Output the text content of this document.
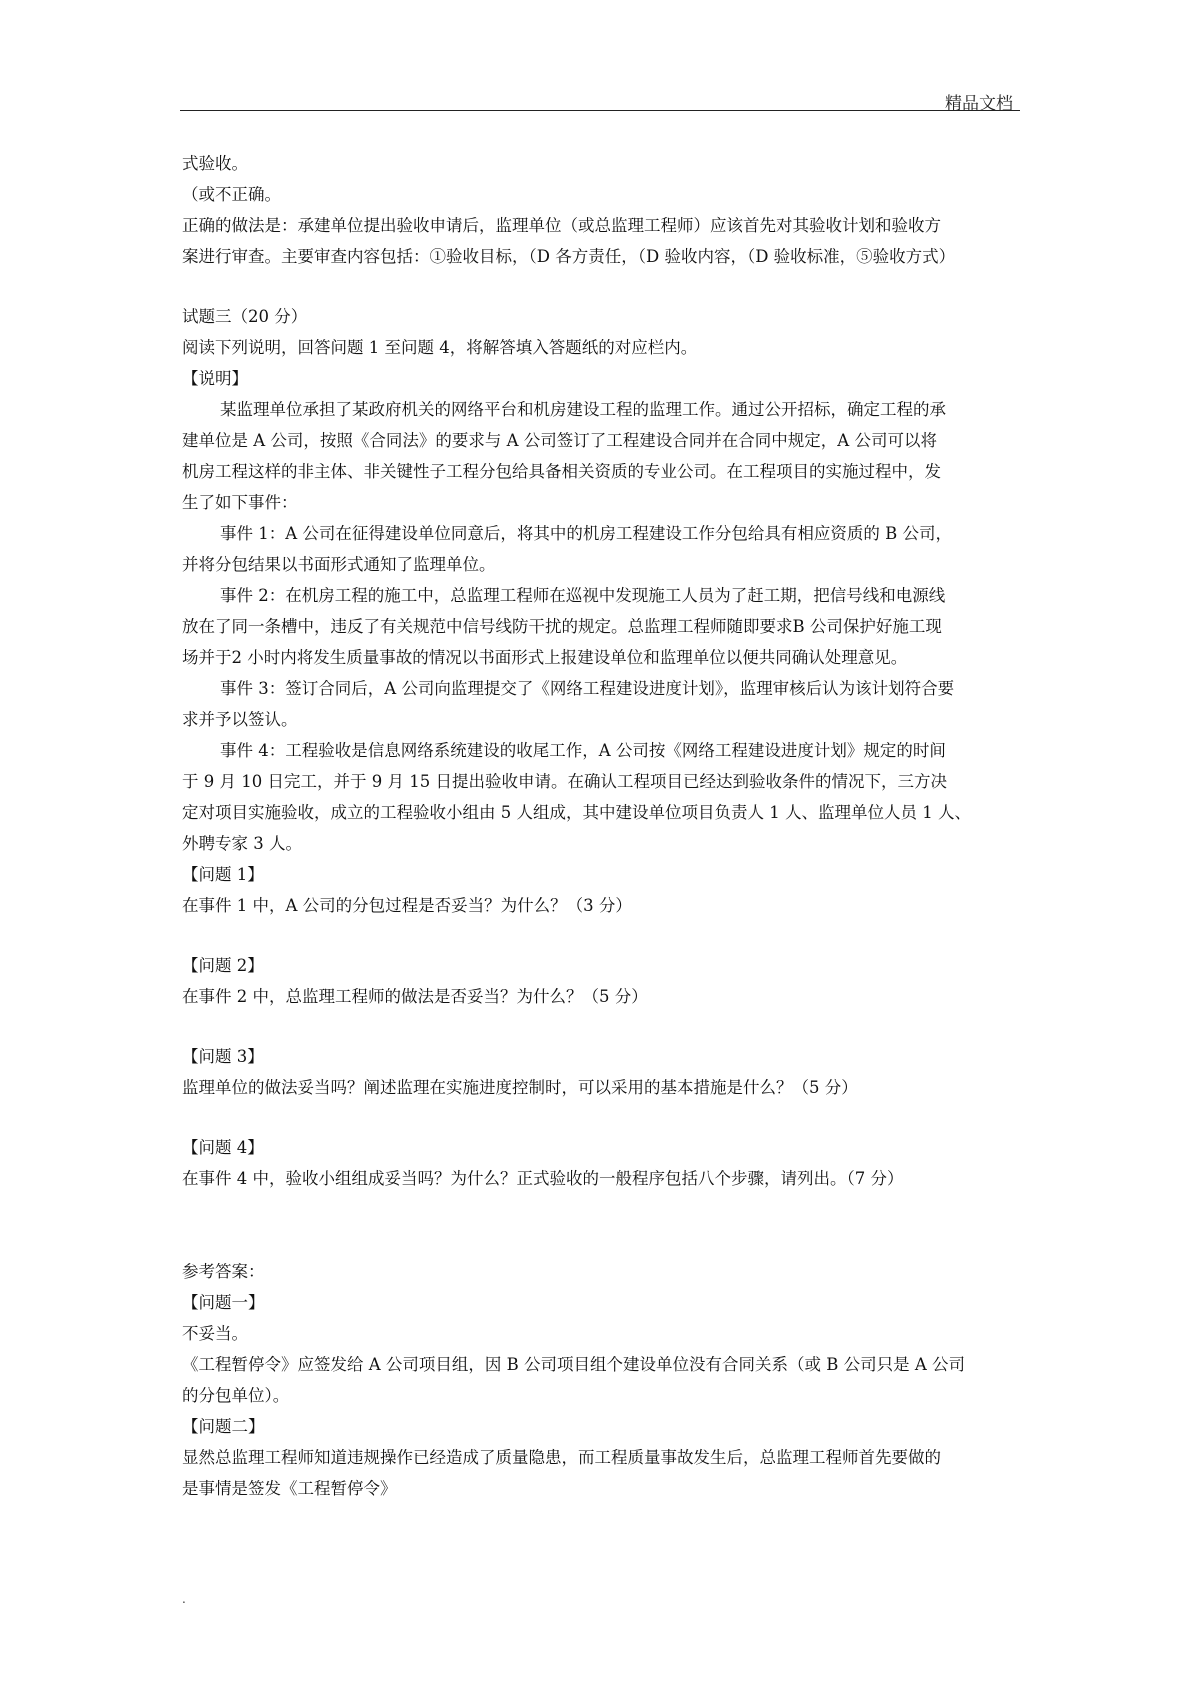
精品文档
式验收。
（或不正确。
正确的做法是：承建单位提出验收申请后，监理单位（或总监理工程师）应该首先对其验收计划和验收方
案进行审查。主要审查内容包括：①验收目标，（D 各方责任，（D 验收内容，（D 验收标准，⑤验收方式）
试题三（20 分）
阅读下列说明，回答问题 1 至问题 4，将解答填入答题纸的对应栏内。
【说明】
某监理单位承担了某政府机关的网络平台和机房建设工程的监理工作。通过公开招标，确定工程的承
建单位是 A 公司，按照《合同法》的要求与 A 公司签订了工程建设合同并在合同中规定，A 公司可以将
机房工程这样的非主体、非关键性子工程分包给具备相关资质的专业公司。在工程项目的实施过程中，发
生了如下事件：
事件 1：A 公司在征得建设单位同意后，将其中的机房工程建设工作分包给具有相应资质的 B 公司，
并将分包结果以书面形式通知了监理单位。
事件 2：在机房工程的施工中，总监理工程师在巡视中发现施工人员为了赶工期，把信号线和电源线
放在了同一条槽中，违反了有关规范中信号线防干扰的规定。总监理工程师随即要求B 公司保护好施工现
场并于2 小时内将发生质量事故的情况以书面形式上报建设单位和监理单位以便共同确认处理意见。
事件 3：签订合同后，A 公司向监理提交了《网络工程建设进度计划》，监理审核后认为该计划符合要
求并予以签认。
事件 4：工程验收是信息网络系统建设的收尾工作，A 公司按《网络工程建设进度计划》规定的时间
于 9 月 10 日完工，并于 9 月 15 日提出验收申请。在确认工程项目已经达到验收条件的情况下，三方决
定对项目实施验收，成立的工程验收小组由 5 人组成，其中建设单位项目负责人 1 人、监理单位人员 1 人、
外聘专家 3 人。
【问题 1】
在事件 1 中，A 公司的分包过程是否妥当？为什么？（3 分）
【问题 2】
在事件 2 中，总监理工程师的做法是否妥当？为什么？（5 分）
【问题 3】
监理单位的做法妥当吗？阐述监理在实施进度控制时，可以采用的基本措施是什么？（5 分）
【问题 4】
在事件 4 中，验收小组组成妥当吗？为什么？正式验收的一般程序包括八个步骤，请列出。（7 分）
参考答案：
【问题一】
不妥当。
《工程暂停令》应签发给 A 公司项目组，因 B 公司项目组个建设单位没有合同关系（或 B 公司只是 A 公司
的分包单位）。
【问题二】
显然总监理工程师知道违规操作已经造成了质量隐患，而工程质量事故发生后，总监理工程师首先要做的
是事情是签发《工程暂停令》
.
